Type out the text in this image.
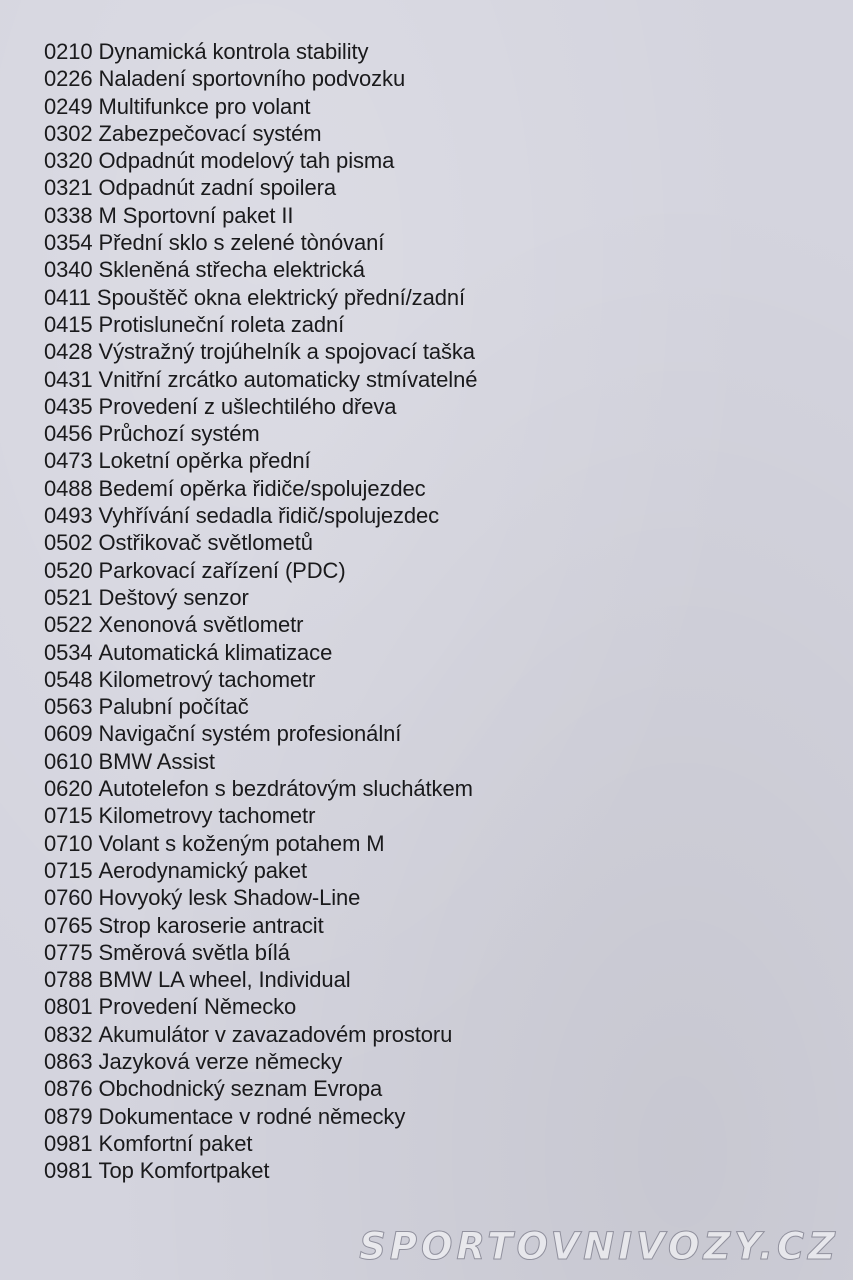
0210 Dynamická kontrola stability
0226 Naladení sportovního podvozku
0249 Multifunkce pro volant
0302 Zabezpečovací systém
0320 Odpadnút modelový tah pisma
0321 Odpadnút zadní spoilera
0338 M Sportovní paket II
0354 Přední sklo s zelené tònóvaní
0340 Skleněná střecha elektrická
0411 Spouštěč okna elektrický přední/zadní
0415 Protisluneční roleta zadní
0428 Výstražný trojúhelník a spojovací taška
0431 Vnitřní zrcátko automaticky stmívatelné
0435 Provedení z ušlechtilého dřeva
0456 Průchozí systém
0473 Loketní opěrka přední
0488 Bedemí opěrka řidiče/spolujezdec
0493 Vyhřívání sedadla řidič/spolujezdec
0502 Ostřikovač světlometů
0520 Parkovací zařízení (PDC)
0521 Deštový senzor
0522 Xenonová světlometr
0534 Automatická klimatizace
0548 Kilometrový tachometr
0563 Palubní počítač
0609 Navigační systém profesionální
0610 BMW Assist
0620 Autotelefon s bezdrátovým sluchátkem
0715 Kilometrovy tachometr
0710 Volant s koženým potahem M
0715 Aerodynamický paket
0760 Hovyoký lesk Shadow-Line
0765 Strop karoserie antracit
0775 Směrová světla bílá
0788 BMW LA wheel, Individual
0801 Provedení Německo
0832 Akumulátor v zavazadovém prostoru
0863 Jazyková verze německy
0876 Obchodnický seznam Evropa
0879 Dokumentace v rodné německy
0981 Komfortní paket
0981 Top Komfortpaket
SPORTOVNIVOZY.CZ
